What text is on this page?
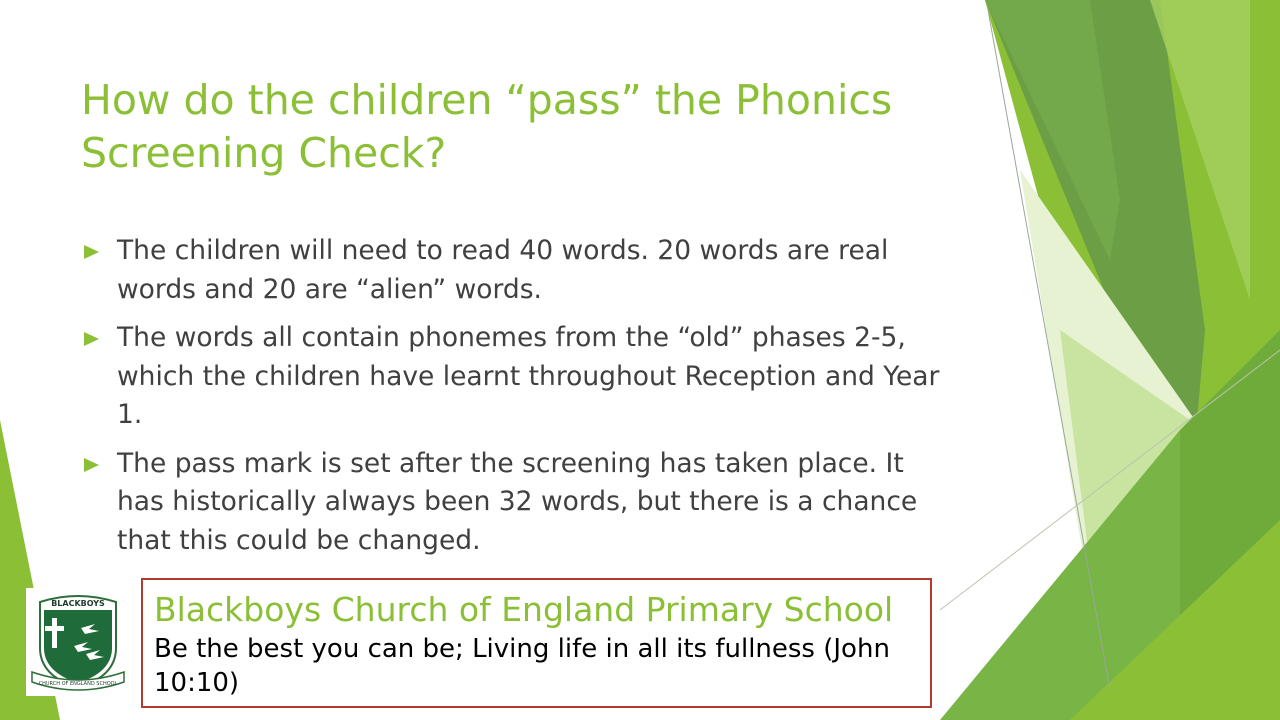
How do the children “pass” the Phonics Screening Check?
The children will need to read 40 words. 20 words are real words and 20 are “alien” words.
The words all contain phonemes from the “old” phases 2-5, which the children have learnt throughout Reception and Year 1.
The pass mark is set after the screening has taken place. It has historically always been 32 words, but there is a chance that this could be changed.
BLACKBOYS
CHURCH OF ENGLAND SCHOOL
Blackboys Church of England Primary School
Be the best you can be; Living life in all its fullness (John 10:10)
